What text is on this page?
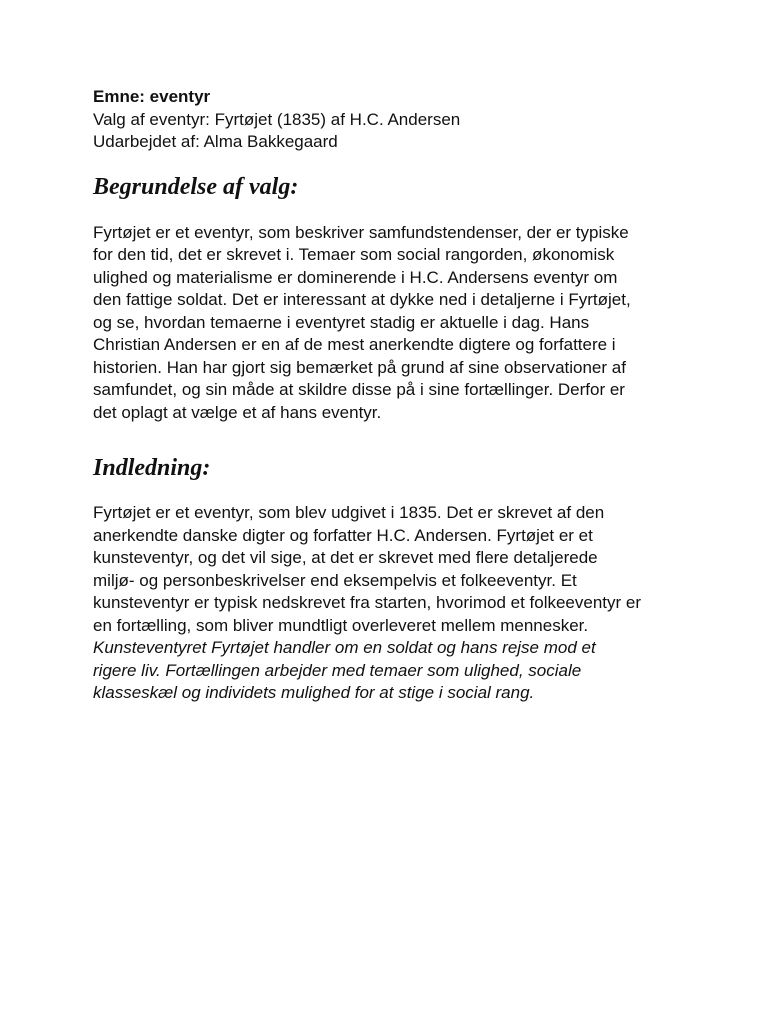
Emne: eventyr
Valg af eventyr: Fyrtøjet (1835) af H.C. Andersen
Udarbejdet af: Alma Bakkegaard
Begrundelse af valg:

Fyrtøjet er et eventyr, som beskriver samfundstendenser, der er typiske
for den tid, det er skrevet i. Temaer som social rangorden, økonomisk
ulighed og materialisme er dominerende i H.C. Andersens eventyr om
den fattige soldat. Det er interessant at dykke ned i detaljerne i Fyrtøjet,
og se, hvordan temaerne i eventyret stadig er aktuelle i dag. Hans
Christian Andersen er en af de mest anerkendte digtere og forfattere i
historien. Han har gjort sig bemærket på grund af sine observationer af
samfundet, og sin måde at skildre disse på i sine fortællinger. Derfor er
det oplagt at vælge et af hans eventyr.

Indledning:

Fyrtøjet er et eventyr, som blev udgivet i 1835. Det er skrevet af den
anerkendte danske digter og forfatter H.C. Andersen. Fyrtøjet er et
kunsteventyr, og det vil sige, at det er skrevet med flere detaljerede
miljø- og personbeskrivelser end eksempelvis et folkeeventyr. Et
kunsteventyr er typisk nedskrevet fra starten, hvorimod et folkeeventyr er
en fortælling, som bliver mundtligt overleveret mellem mennesker.
Kunsteventyret Fyrtøjet handler om en soldat og hans rejse mod et
rigere liv. Fortællingen arbejder med temaer som ulighed, sociale
klasseskæl og individets mulighed for at stige i social rang.
